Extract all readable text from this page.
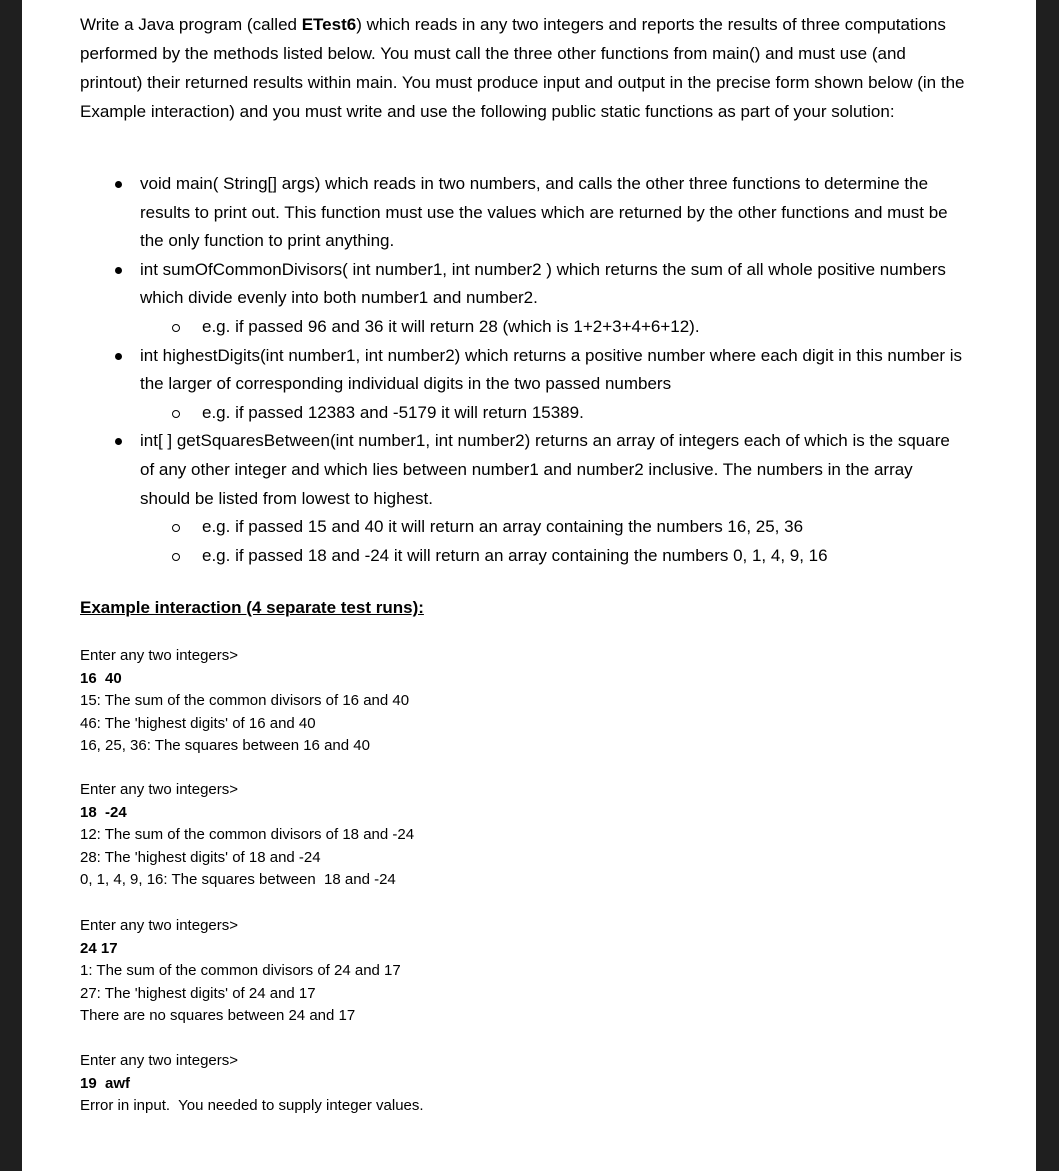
Write a Java program (called ETest6) which reads in any two integers and reports the results of three computations performed by the methods listed below. You must call the three other functions from main() and must use (and printout) their returned results within main. You must produce input and output in the precise form shown below (in the Example interaction) and you must write and use the following public static functions as part of your solution:

void main( String[] args) which reads in two numbers, and calls the other three functions to determine the results to print out. This function must use the values which are returned by the other functions and must be the only function to print anything.
int sumOfCommonDivisors( int number1, int number2 ) which returns the sum of all whole positive numbers which divide evenly into both number1 and number2.
e.g. if passed 96 and 36 it will return 28 (which is 1+2+3+4+6+12).
int highestDigits(int number1, int number2) which returns a positive number where each digit in this number is the larger of corresponding individual digits in the two passed numbers
e.g. if passed 12383 and -5179 it will return 15389.
int[ ] getSquaresBetween(int number1, int number2) returns an array of integers each of which is the square of any other integer and which lies between number1 and number2 inclusive. The numbers in the array should be listed from lowest to highest.
e.g. if passed 15 and 40 it will return an array containing the numbers 16, 25, 36
e.g. if passed 18 and -24 it will return an array containing the numbers 0, 1, 4, 9, 16

Example interaction (4 separate test runs):

Enter any two integers>
16  40
15: The sum of the common divisors of 16 and 40
46: The 'highest digits' of 16 and 40
16, 25, 36: The squares between 16 and 40
Enter any two integers>
18  -24
12: The sum of the common divisors of 18 and -24
28: The 'highest digits' of 18 and -24
0, 1, 4, 9, 16: The squares between  18 and -24
Enter any two integers>
24 17
1: The sum of the common divisors of 24 and 17
27: The 'highest digits' of 24 and 17
There are no squares between 24 and 17
Enter any two integers>
19  awf
Error in input.  You needed to supply integer values.
